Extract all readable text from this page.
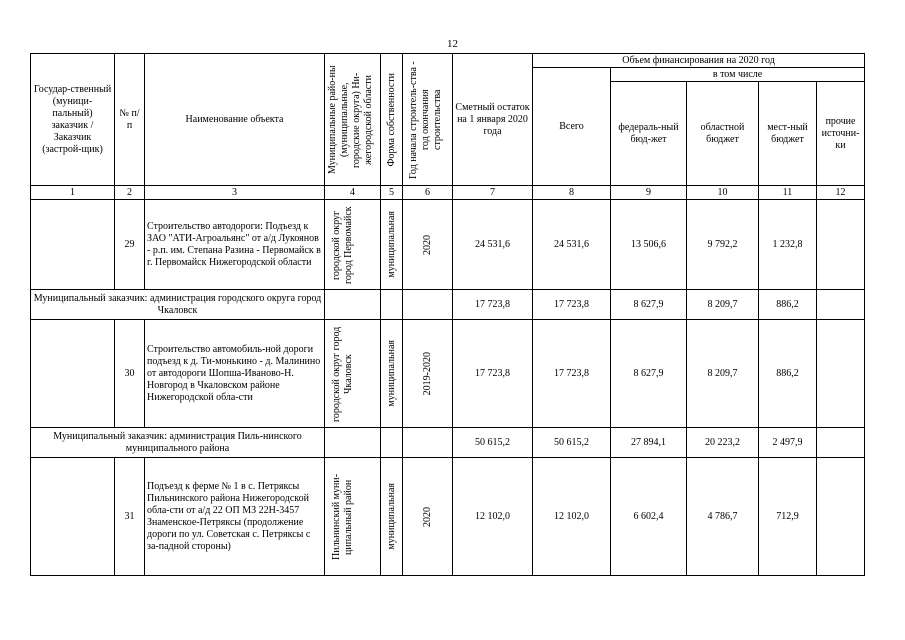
12
Государ-ственный (муници-пальный) заказчик / Заказчик (застрой-щик)	№ п/п	Наименование объекта	Муниципальные райо-ны (муниципальные, городские округа) Ни-жегородской области	Форма собственности	Год начала строитель-ства - год окончания строительства	Сметный остаток на 1 января 2020 года	Объем финансирования на 2020 год				
							Всего	в том числе			
								федераль-ный бюд-жет	областной бюджет	мест-ный бюджет	прочие источни-ки
1	2	3	4	5	6	7	8	9	10	11	12
	29	Строительство автодороги: Подъезд к ЗАО "АТИ-Агроальянс" от а/д Лукоянов - р.п. им. Степана Разина - Первомайск в г. Первомайск Нижегородской области	городской округ город Первомайск	муниципальная	2020	24 531,6	24 531,6	13 506,6	9 792,2	1 232,8	
Муниципальный заказчик: администрация городского округа город Чкаловск						17 723,8	17 723,8	8 627,9	8 209,7	886,2	
	30	Строительство автомобиль-ной дороги подъезд к д. Ти-монькино - д. Малинино от автодороги Шопша-Иваново-Н. Новгород в Чкаловском районе Нижегородской обла-сти	городской округ город Чкаловск	муниципальная	2019-2020	17 723,8	17 723,8	8 627,9	8 209,7	886,2	
Муниципальный заказчик: администрация Пиль-нинского муниципального района						50 615,2	50 615,2	27 894,1	20 223,2	2 497,9	
	31	Подъезд к ферме № 1 в с. Петряксы Пильнинского района Нижегородской обла-сти от а/д 22 ОП МЗ 22Н-3457 Знаменское-Петряксы (продолжение дороги по ул. Советская с. Петряксы с за-падной стороны)	Пильнинский муни-ципальный район	муниципальная	2020	12 102,0	12 102,0	6 602,4	4 786,7	712,9	
